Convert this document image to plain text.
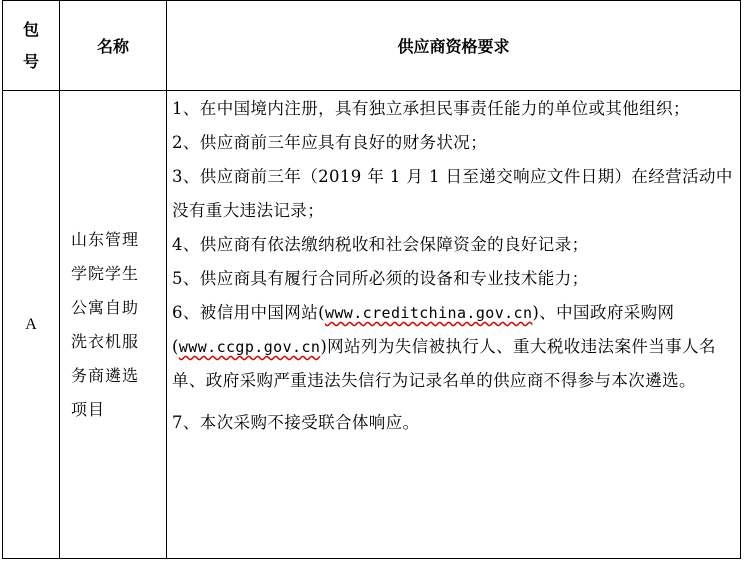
包
号
名称	供应商资格要求
A
山东管理
学院学生
公寓自助
洗衣机服
务商遴选
项目
1、在中国境内注册，具有独立承担民事责任能力的单位或其他组织；
2、供应商前三年应具有良好的财务状况；
3、供应商前三年（2019 年 1 月 1 日至递交响应文件日期）在经营活动中没有重大违法记录；
4、供应商有依法缴纳税收和社会保障资金的良好记录；
5、供应商具有履行合同所必须的设备和专业技术能力；
6、被信用中国网站(www.creditchina.gov.cn)、中国政府采购网(www.ccgp.gov.cn)网站列为失信被执行人、重大税收违法案件当事人名单、政府采购严重违法失信行为记录名单的供应商不得参与本次遴选。
7、本次采购不接受联合体响应。
